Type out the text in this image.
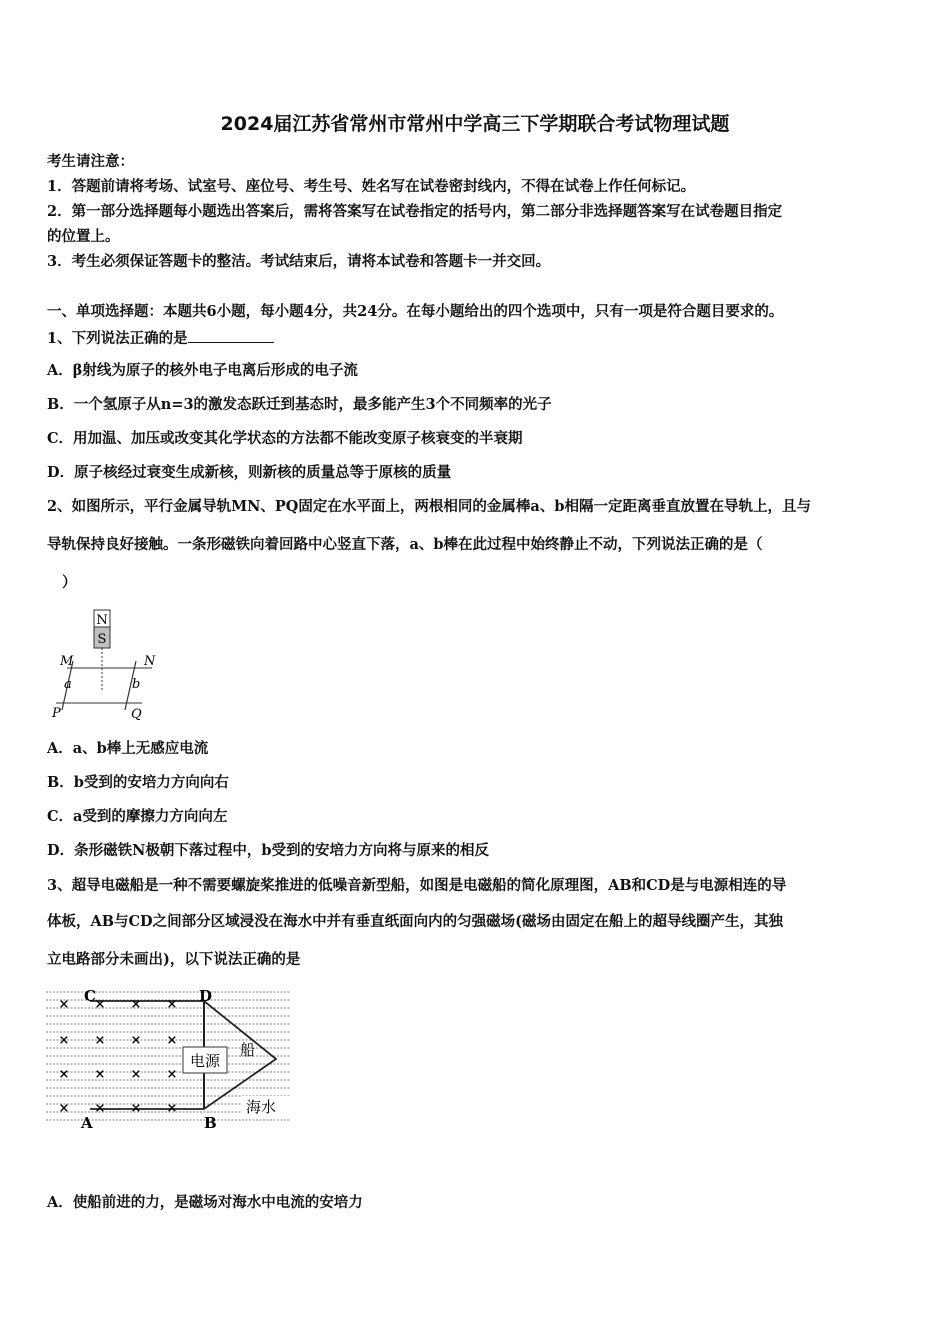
2024届江苏省常州市常州中学高三下学期联合考试物理试题
考生请注意：
1．答题前请将考场、试室号、座位号、考生号、姓名写在试卷密封线内，不得在试卷上作任何标记。
2．第一部分选择题每小题选出答案后，需将答案写在试卷指定的括号内，第二部分非选择题答案写在试卷题目指定
的位置上。
3．考生必须保证答题卡的整洁。考试结束后，请将本试卷和答题卡一并交回。
一、单项选择题：本题共6小题，每小题4分，共24分。在每小题给出的四个选项中，只有一项是符合题目要求的。
1、下列说法正确的是
A．β射线为原子的核外电子电离后形成的电子流
B．一个氢原子从n=3的激发态跃迁到基态时，最多能产生3个不同频率的光子
C．用加温、加压或改变其化学状态的方法都不能改变原子核衰变的半衰期
D．原子核经过衰变生成新核，则新核的质量总等于原核的质量
2、如图所示，平行金属导轨MN、PQ固定在水平面上，两根相同的金属棒a、b相隔一定距离垂直放置在导轨上，且与
导轨保持良好接触。一条形磁铁向着回路中心竖直下落，a、b棒在此过程中始终静止不动，下列说法正确的是（
）
N
S
M	N
a	b
P	Q
A．a、b棒上无感应电流
B．b受到的安培力方向向右
C．a受到的摩擦力方向向左
D．条形磁铁N极朝下落过程中，b受到的安培力方向将与原来的相反
3、超导电磁船是一种不需要螺旋桨推进的低噪音新型船，如图是电磁船的简化原理图，AB和CD是与电源相连的导
体板，AB与CD之间部分区域浸没在海水中并有垂直纸面向内的匀强磁场(磁场由固定在船上的超导线圈产生，其独
立电路部分未画出)，以下说法正确的是
电源
船
海水
C	D
A	B
× × × ×
× × × ×
× × × ×
× × × ×
A．使船前进的力，是磁场对海水中电流的安培力
